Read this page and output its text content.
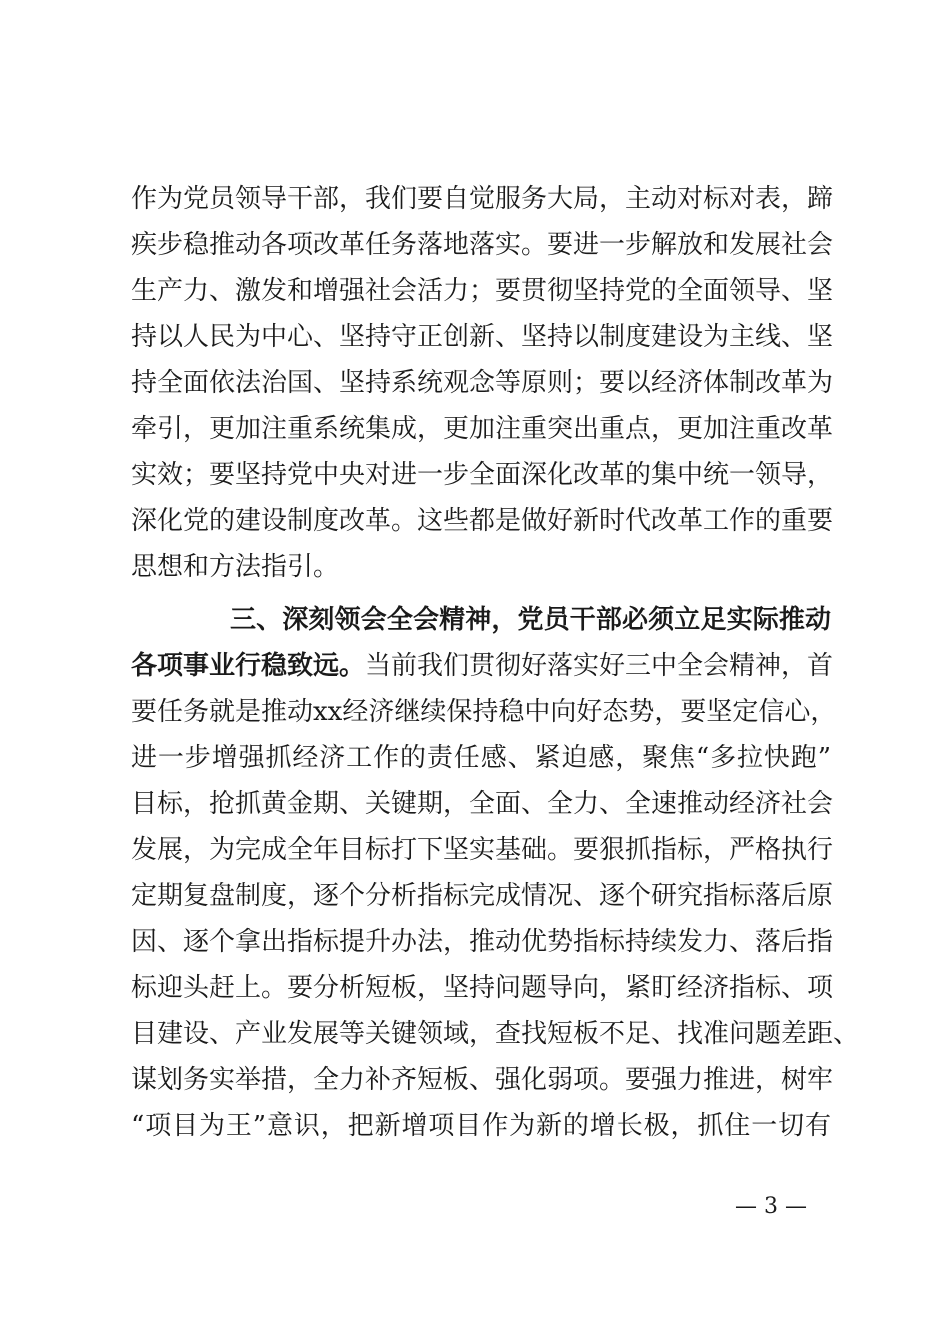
作为党员领导干部，我们要自觉服务大局，主动对标对表，蹄
疾步稳推动各项改革任务落地落实。要进一步解放和发展社会
生产力、激发和增强社会活力；要贯彻坚持党的全面领导、坚
持以人民为中心、坚持守正创新、坚持以制度建设为主线、坚
持全面依法治国、坚持系统观念等原则；要以经济体制改革为
牵引，更加注重系统集成，更加注重突出重点，更加注重改革
实效；要坚持党中央对进一步全面深化改革的集中统一领导，
深化党的建设制度改革。这些都是做好新时代改革工作的重要
思想和方法指引。
三、深刻领会全会精神，党员干部必须立足实际推动
各项事业行稳致远。当前我们贯彻好落实好三中全会精神，首
要任务就是推动xx经济继续保持稳中向好态势，要坚定信心，
进一步增强抓经济工作的责任感、紧迫感，聚焦“多拉快跑”
目标，抢抓黄金期、关键期，全面、全力、全速推动经济社会
发展，为完成全年目标打下坚实基础。要狠抓指标，严格执行
定期复盘制度，逐个分析指标完成情况、逐个研究指标落后原
因、逐个拿出指标提升办法，推动优势指标持续发力、落后指
标迎头赶上。要分析短板，坚持问题导向，紧盯经济指标、项
目建设、产业发展等关键领域，查找短板不足、找准问题差距、
谋划务实举措，全力补齐短板、强化弱项。要强力推进，树牢
“项目为王”意识，把新增项目作为新的增长极，抓住一切有
— 3 —
